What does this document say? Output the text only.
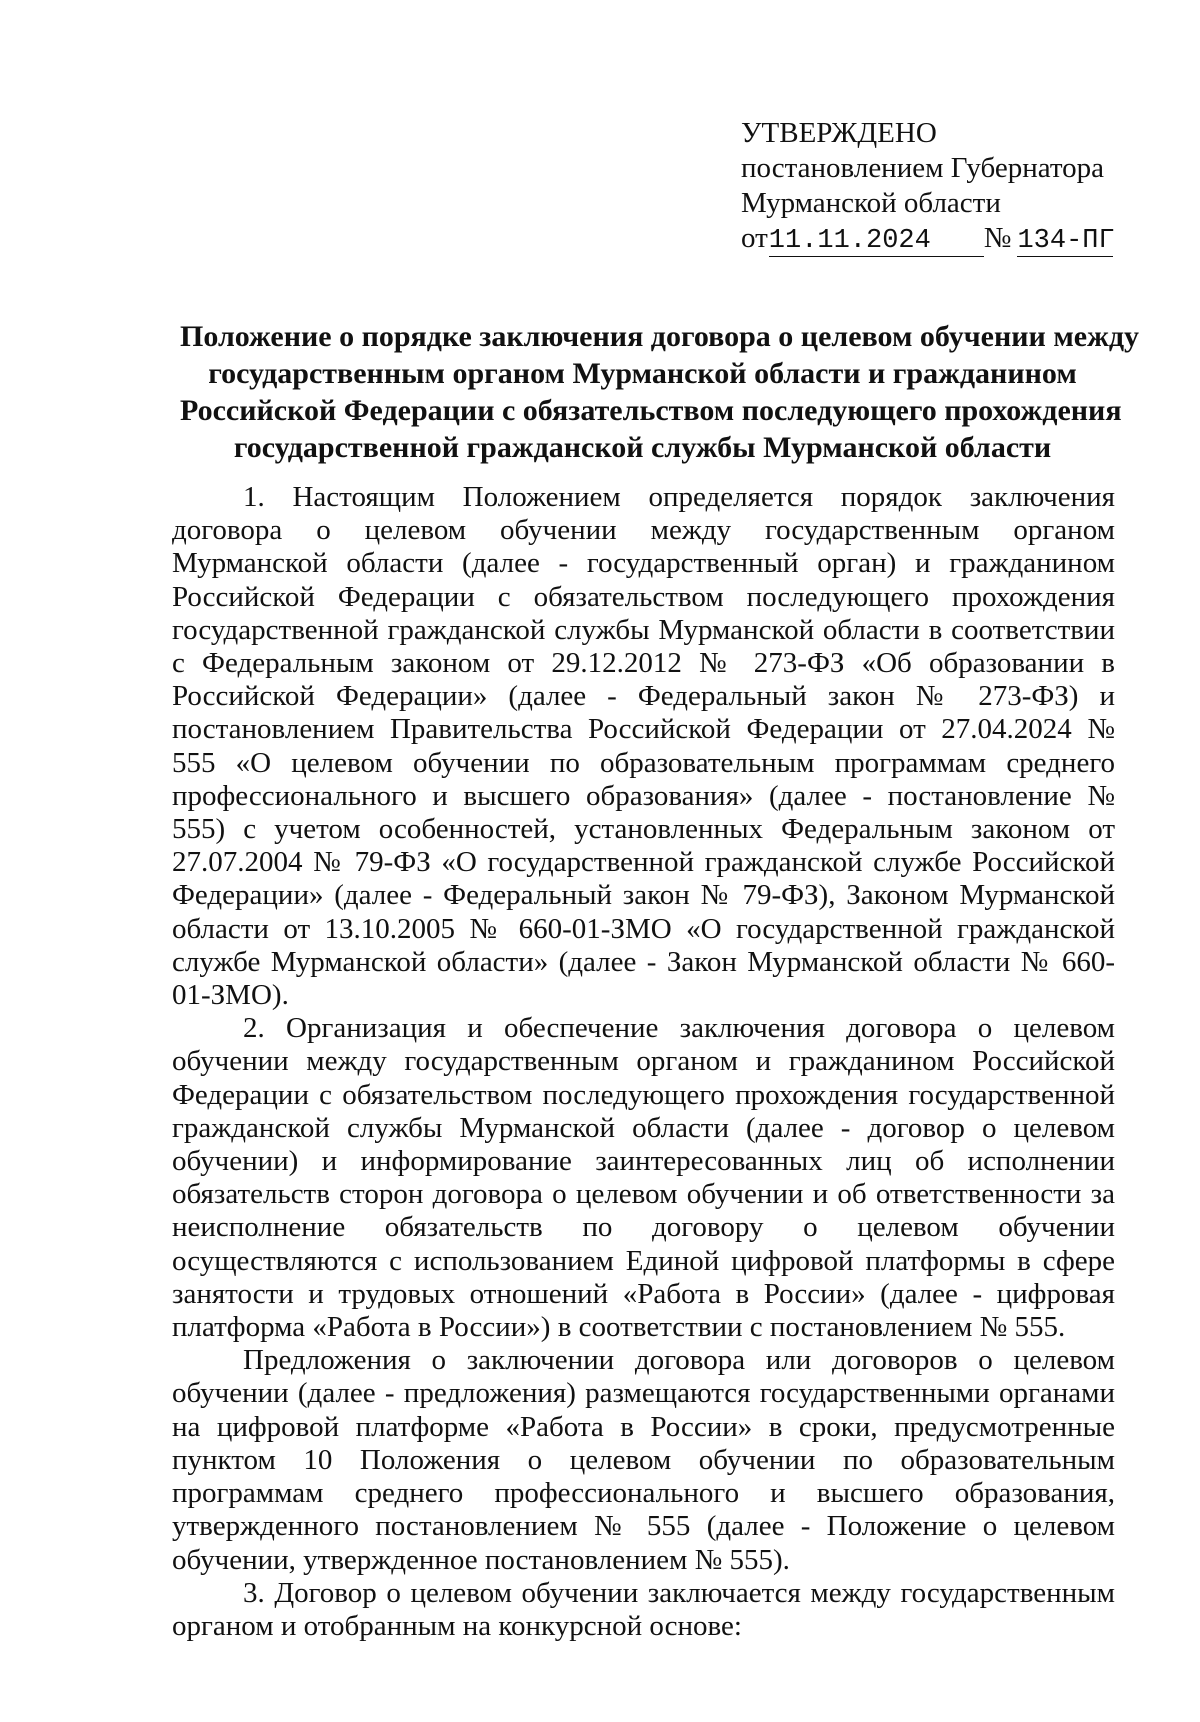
УТВЕРЖДЕНО
постановлением Губернатора
Мурманской области
от11.11.2024 № 134-ПГ
Положение о порядке заключения договора о целевом обучении между
государственным органом Мурманской области и гражданином
Российской Федерации с обязательством последующего прохождения
государственной гражданской службы Мурманской области

1. Настоящим Положением определяется порядок заключения договора о целевом обучении между государственным органом Мурманской области (далее - государственный орган) и гражданином Российской Федерации с обязательством последующего прохождения государственной гражданской службы Мурманской области в соответствии с Федеральным законом от 29.12.2012 № 273-ФЗ «Об образовании в Российской Федерации» (далее - Федеральный закон № 273-ФЗ) и постановлением Правительства Российской Федерации от 27.04.2024 № 555 «О целевом обучении по образовательным программам среднего профессионального и высшего образования» (далее - постановление № 555) с учетом особенностей, установленных Федеральным законом от 27.07.2004 № 79-ФЗ «О государственной гражданской службе Российской Федерации» (далее - Федеральный закон № 79-ФЗ), Законом Мурманской области от 13.10.2005 № 660-01-ЗМО «О государственной гражданской службе Мурманской области» (далее - Закон Мурманской области № 660-01-ЗМО).

2. Организация и обеспечение заключения договора о целевом обучении между государственным органом и гражданином Российской Федерации с обязательством последующего прохождения государственной гражданской службы Мурманской области (далее - договор о целевом обучении) и информирование заинтересованных лиц об исполнении обязательств сторон договора о целевом обучении и об ответственности за неисполнение обязательств по договору о целевом обучении осуществляются с использованием Единой цифровой платформы в сфере занятости и трудовых отношений «Работа в России» (далее - цифровая платформа «Работа в России») в соответствии с постановлением № 555.

Предложения о заключении договора или договоров о целевом обучении (далее - предложения) размещаются государственными органами на цифровой платформе «Работа в России» в сроки, предусмотренные пунктом 10 Положения о целевом обучении по образовательным программам среднего профессионального и высшего образования, утвержденного постановлением № 555 (далее - Положение о целевом обучении, утвержденное постановлением № 555).

3. Договор о целевом обучении заключается между государственным органом и отобранным на конкурсной основе:
